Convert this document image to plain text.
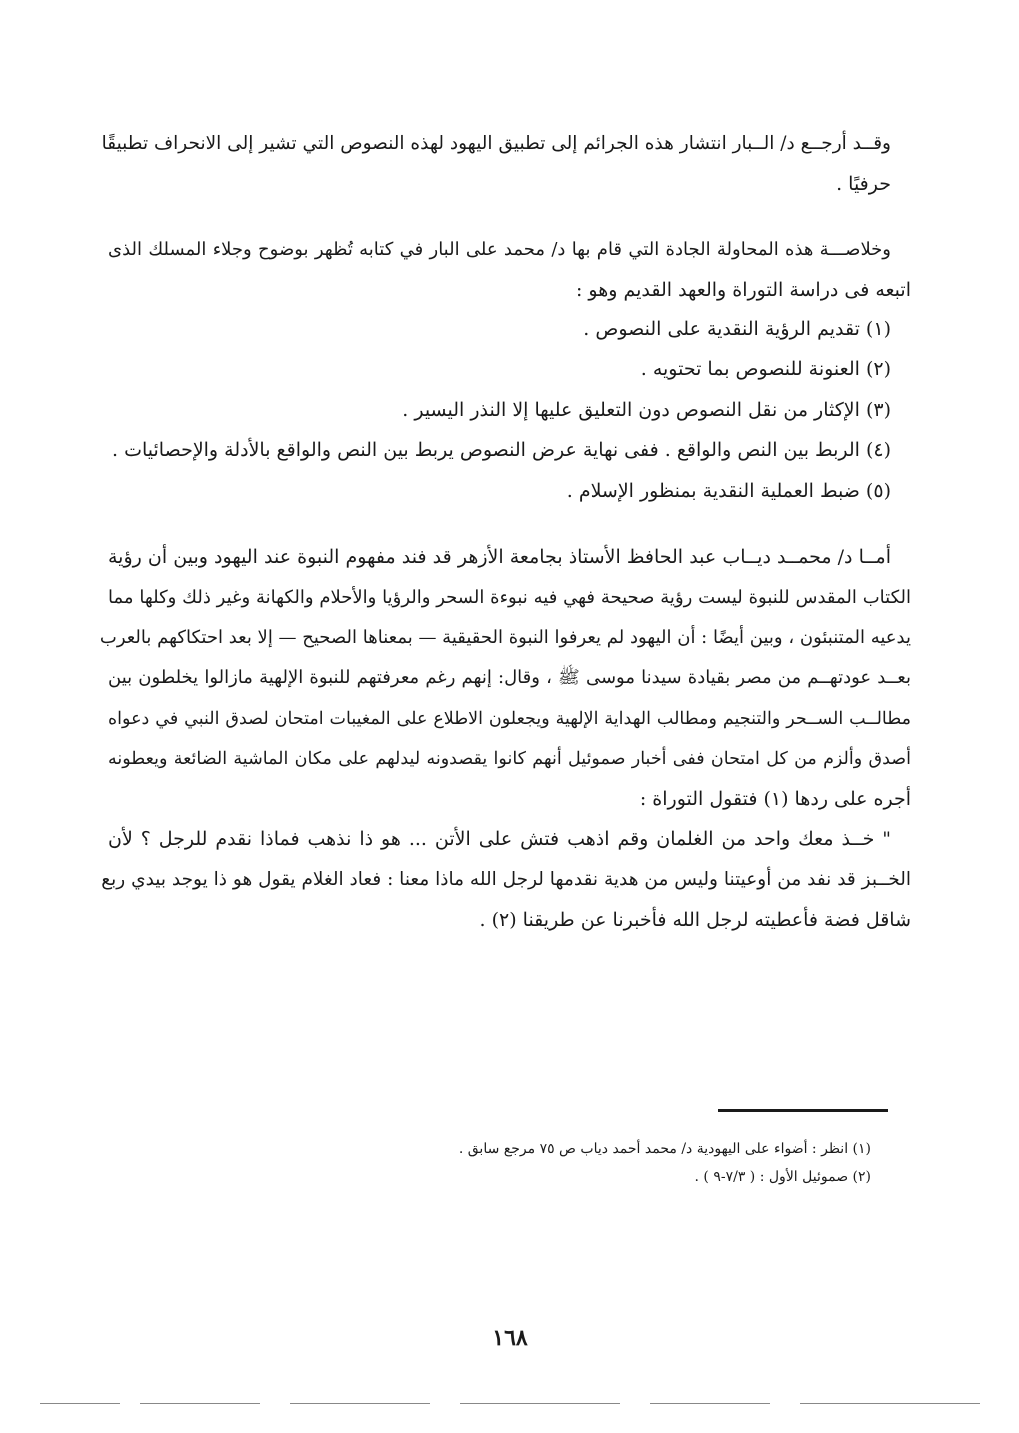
وقــد أرجــع د/ الــبار انتشار هذه الجرائم إلى تطبيق اليهود لهذه النصوص التي تشير إلى الانحراف تطبيقًا
حرفيًا .
وخلاصـــة هذه المحاولة الجادة التي قام بها د/ محمد على البار في كتابه تُظهر بوضوح وجلاء المسلك الذى
اتبعه فى دراسة التوراة والعهد القديم وهو :
(١) تقديم الرؤية النقدية على النصوص .
(٢) العنونة للنصوص بما تحتويه .
(٣) الإكثار من نقل النصوص دون التعليق عليها إلا النذر اليسير .
(٤) الربط بين النص والواقع . ففى نهاية عرض النصوص يربط بين النص والواقع بالأدلة والإحصائيات .
(٥) ضبط العملية النقدية بمنظور الإسلام .
أمــا د/ محمــد ديــاب عبد الحافظ الأستاذ بجامعة الأزهر قد فند مفهوم النبوة عند اليهود وبين أن رؤية
الكتاب المقدس للنبوة ليست رؤية صحيحة فهي فيه نبوءة السحر والرؤيا والأحلام والكهانة وغير ذلك وكلها مما
يدعيه المتنبئون ، وبين أيضًا : أن اليهود لم يعرفوا النبوة الحقيقية — بمعناها الصحيح — إلا بعد احتكاكهم بالعرب
بعــد عودتهــم من مصر بقيادة سيدنا موسى ﷺ ، وقال: إنهم رغم معرفتهم للنبوة الإلهية مازالوا يخلطون بين
مطالــب الســحر والتنجيم ومطالب الهداية الإلهية ويجعلون الاطلاع على المغيبات امتحان لصدق النبي في دعواه
أصدق وألزم من كل امتحان ففى أخبار صموئيل أنهم كانوا يقصدونه ليدلهم على مكان الماشية الضائعة ويعطونه
أجره على ردها (١) فتقول التوراة :
" خــذ معك واحد من الغلمان وقم اذهب فتش على الأتن ... هو ذا نذهب فماذا نقدم للرجل ؟ لأن
الخــبز قد نفد من أوعيتنا وليس من هدية نقدمها لرجل الله ماذا معنا : فعاد الغلام يقول هو ذا يوجد بيدي ربع
شاقل فضة فأعطيته لرجل الله فأخبرنا عن طريقنا (٢) .
(١) انظر : أضواء على اليهودية د/ محمد أحمد دياب ص ٧٥ مرجع سابق .
(٢) صموئيل الأول : ( ٧/٣-٩ ) .
١٦٨
